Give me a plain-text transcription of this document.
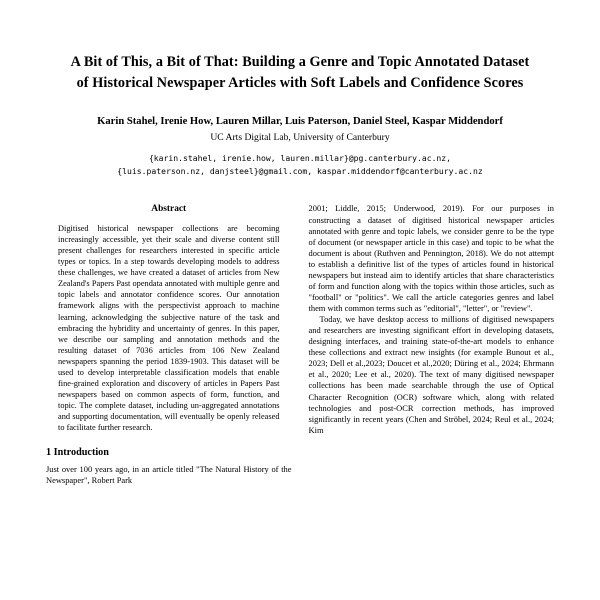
A Bit of This, a Bit of That: Building a Genre and Topic Annotated Dataset
of Historical Newspaper Articles with Soft Labels and Confidence Scores
Karin Stahel, Irenie How, Lauren Millar, Luis Paterson, Daniel Steel, Kaspar Middendorf
UC Arts Digital Lab, University of Canterbury
{karin.stahel, irenie.how, lauren.millar}@pg.canterbury.ac.nz,
{luis.paterson.nz, danjsteel}@gmail.com, kaspar.middendorf@canterbury.ac.nz
Abstract

Digitised historical newspaper collections are becoming increasingly accessible, yet their scale and diverse content still present challenges for researchers interested in specific article types or topics. In a step towards developing models to address these challenges, we have created a dataset of articles from New Zealand's Papers Past opendata annotated with multiple genre and topic labels and annotator confidence scores. Our annotation framework aligns with the perspectivist approach to machine learning, acknowledging the subjective nature of the task and embracing the hybridity and uncertainty of genres. In this paper, we describe our sampling and annotation methods and the resulting dataset of 7036 articles from 106 New Zealand newspapers spanning the period 1839-1903. This dataset will be used to develop interpretable classification models that enable fine-grained exploration and discovery of articles in Papers Past newspapers based on common aspects of form, function, and topic. The complete dataset, including un-aggregated annotations and supporting documentation, will eventually be openly released to facilitate further research.

1 Introduction

Just over 100 years ago, in an article titled "The Natural History of the Newspaper", Robert Park

2001; Liddle, 2015; Underwood, 2019). For our purposes in constructing a dataset of digitised historical newspaper articles annotated with genre and topic labels, we consider genre to be the type of document (or newspaper article in this case) and topic to be what the document is about (Ruthven and Pennington, 2018). We do not attempt to establish a definitive list of the types of articles found in historical newspapers but instead aim to identify articles that share characteristics of form and function along with the topics within those articles, such as "football" or "politics". We call the article categories genres and label them with common terms such as "editorial", "letter", or "review".

Today, we have desktop access to millions of digitised newspapers and researchers are investing significant effort in developing datasets, designing interfaces, and training state-of-the-art models to enhance these collections and extract new insights (for example Bunout et al., 2023; Dell et al.,2023; Doucet et al.,2020; Düring et al., 2024; Ehrmann et al., 2020; Lee et al., 2020). The text of many digitised newspaper collections has been made searchable through the use of Optical Character Recognition (OCR) software which, along with related technologies and post-OCR correction methods, has improved significantly in recent years (Chen and Ströbel, 2024; Reul et al., 2024; Kim
